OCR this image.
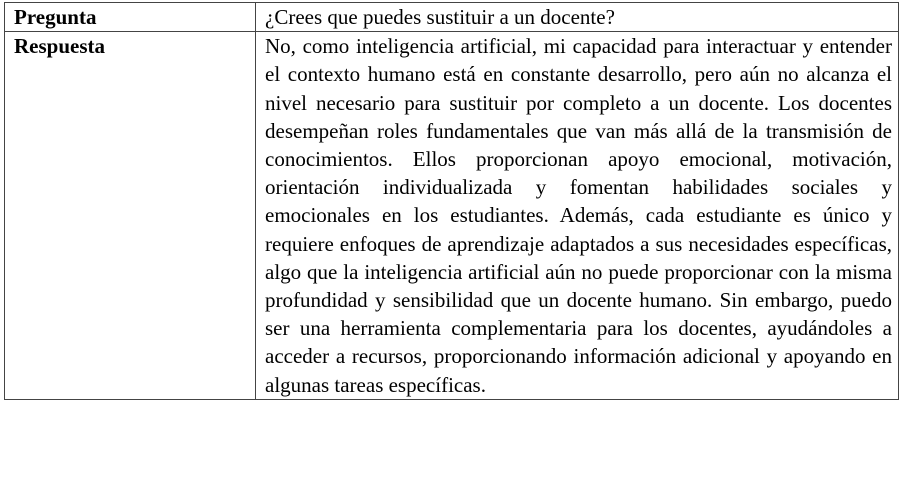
Pregunta	¿Crees que puedes sustituir a un docente?
Respuesta	No, como inteligencia artificial, mi capacidad para interactuar y entender el contexto humano está en constante desarrollo, pero aún no alcanza el nivel necesario para sustituir por completo a un docente. Los docentes desempeñan roles fundamentales que van más allá de la transmisión de conocimientos. Ellos proporcionan apoyo emocional, motivación, orientación individualizada y fomentan habilidades sociales y emocionales en los estudiantes. Además, cada estudiante es único y requiere enfoques de aprendizaje adaptados a sus necesidades específicas, algo que la inteligencia artificial aún no puede proporcionar con la misma profundidad y sensibilidad que un docente humano. Sin embargo, puedo ser una herramienta complementaria para los docentes, ayudándoles a acceder a recursos, proporcionando información adicional y apoyando en algunas tareas específicas.
